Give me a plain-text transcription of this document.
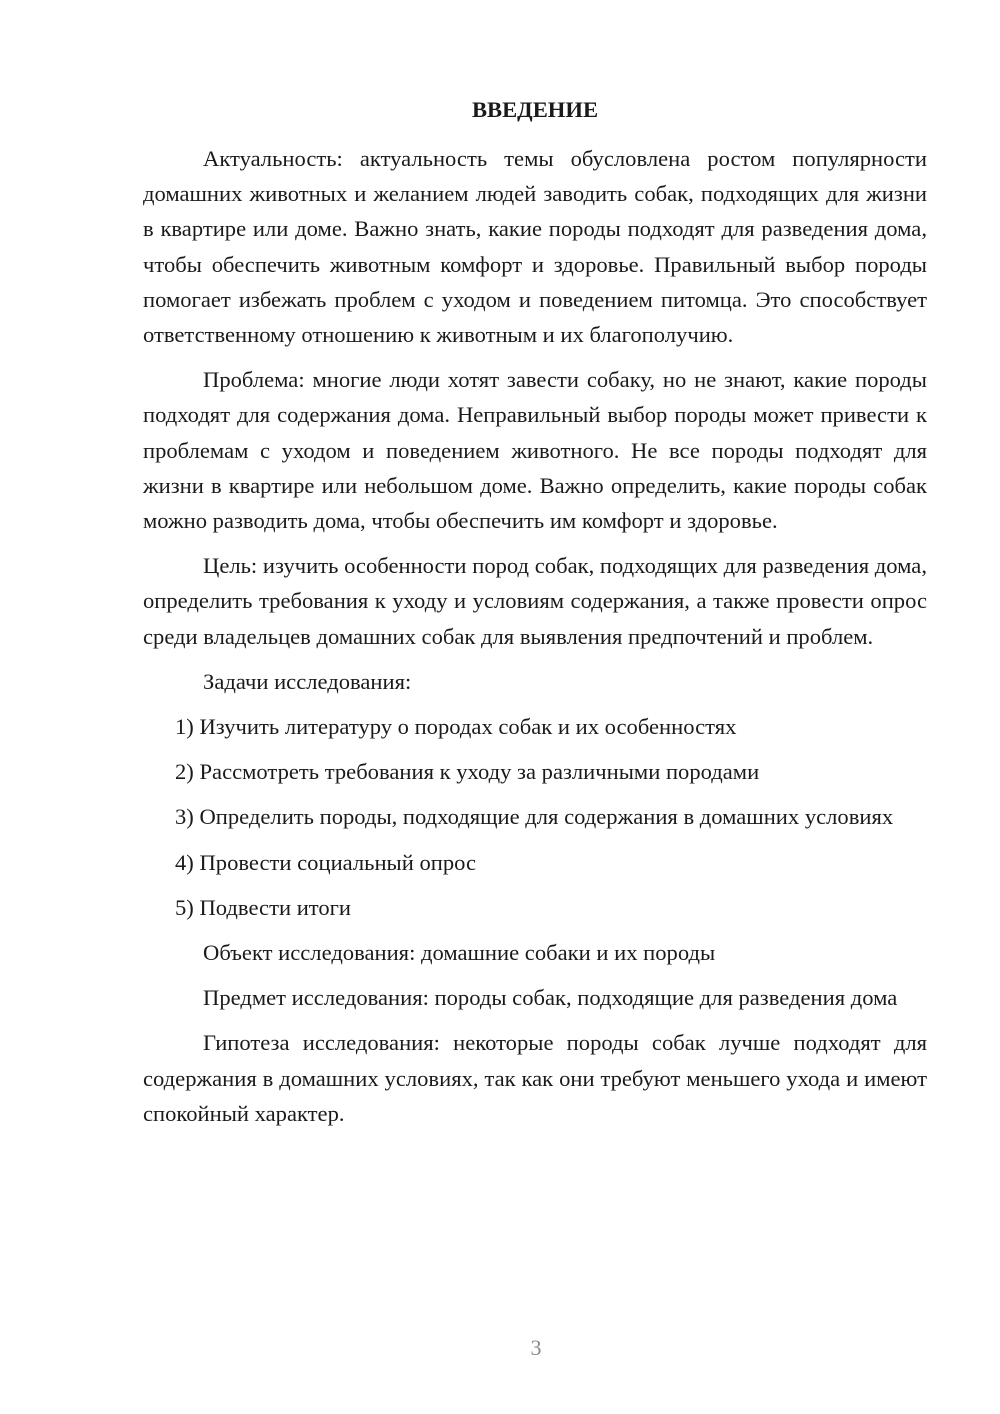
ВВЕДЕНИЕ

Актуальность: актуальность темы обусловлена ростом популярности домашних животных и желанием людей заводить собак, подходящих для жизни в квартире или доме. Важно знать, какие породы подходят для разведения дома, чтобы обеспечить животным комфорт и здоровье. Правильный выбор породы помогает избежать проблем с уходом и поведением питомца. Это способствует ответственному отношению к животным и их благополучию.

Проблема: многие люди хотят завести собаку, но не знают, какие породы подходят для содержания дома. Неправильный выбор породы может привести к проблемам с уходом и поведением животного. Не все породы подходят для жизни в квартире или небольшом доме. Важно определить, какие породы собак можно разводить дома, чтобы обеспечить им комфорт и здоровье.

Цель: изучить особенности пород собак, подходящих для разведения дома, определить требования к уходу и условиям содержания, а также провести опрос среди владельцев домашних собак для выявления предпочтений и проблем.

Задачи исследования:

1) Изучить литературу о породах собак и их особенностях

2) Рассмотреть требования к уходу за различными породами

3) Определить породы, подходящие для содержания в домашних условиях

4) Провести социальный опрос

5) Подвести итоги

Объект исследования: домашние собаки и их породы

Предмет исследования: породы собак, подходящие для разведения дома

Гипотеза исследования: некоторые породы собак лучше подходят для содержания в домашних условиях, так как они требуют меньшего ухода и имеют спокойный характер.

3
